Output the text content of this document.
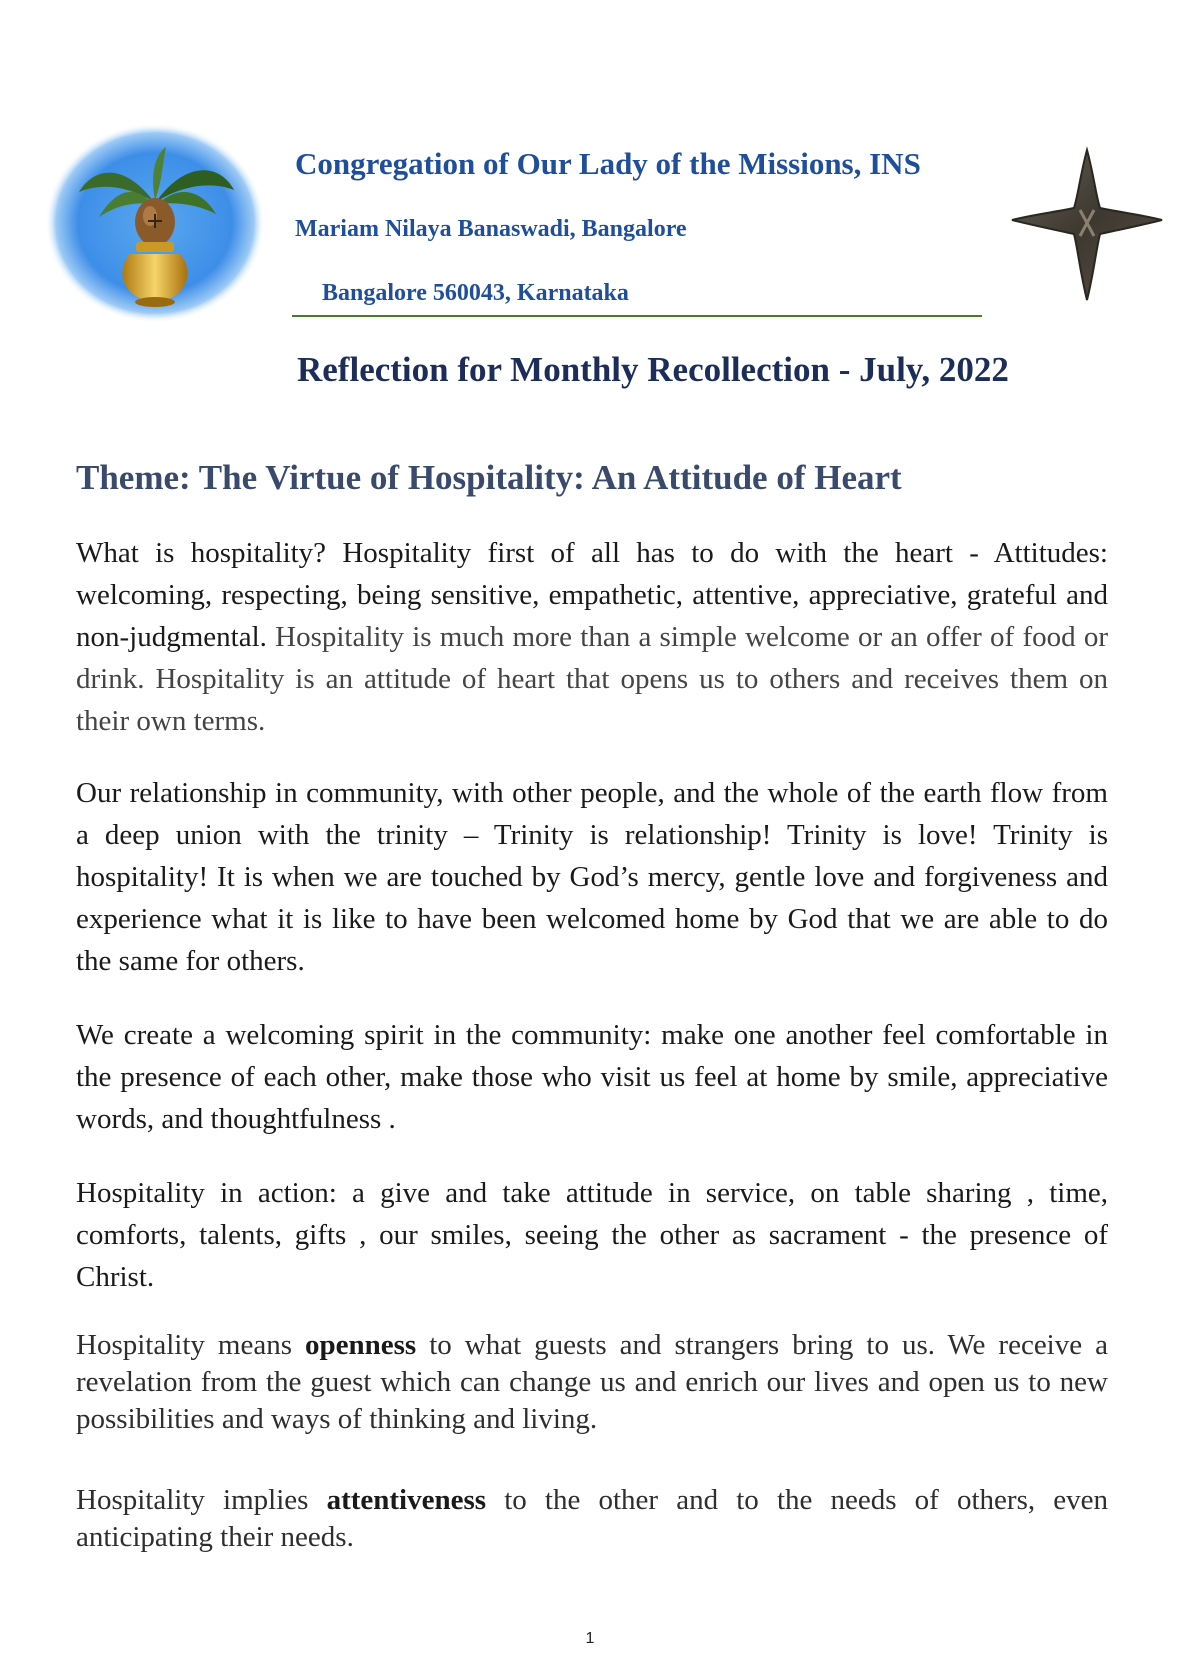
Congregation of Our Lady of the Missions, INS
Mariam Nilaya Banaswadi, Bangalore
Bangalore 560043, Karnataka
Reflection for Monthly Recollection - July, 2022
Theme: The Virtue of Hospitality: An Attitude of Heart

What is hospitality? Hospitality first of all has to do with the heart - Attitudes: welcoming, respecting, being sensitive, empathetic, attentive, appreciative, grateful and non-judgmental. Hospitality is much more than a simple welcome or an offer of food or drink. Hospitality is an attitude of heart that opens us to others and receives them on their own terms.

Our relationship in community, with other people, and the whole of the earth flow from a deep union with the trinity – Trinity is relationship! Trinity is love! Trinity is hospitality! It is when we are touched by God’s mercy, gentle love and forgiveness and experience what it is like to have been welcomed home by God that we are able to do the same for others.

We create a welcoming spirit in the community: make one another feel comfortable in the presence of each other, make those who visit us feel at home by smile, appreciative words, and thoughtfulness .

Hospitality in action: a give and take attitude in service, on table sharing , time, comforts, talents, gifts , our smiles, seeing the other as sacrament - the presence of Christ.

Hospitality means openness to what guests and strangers bring to us. We receive a revelation from the guest which can change us and enrich our lives and open us to new possibilities and ways of thinking and living.

Hospitality implies attentiveness to the other and to the needs of others, even anticipating their needs.

1
